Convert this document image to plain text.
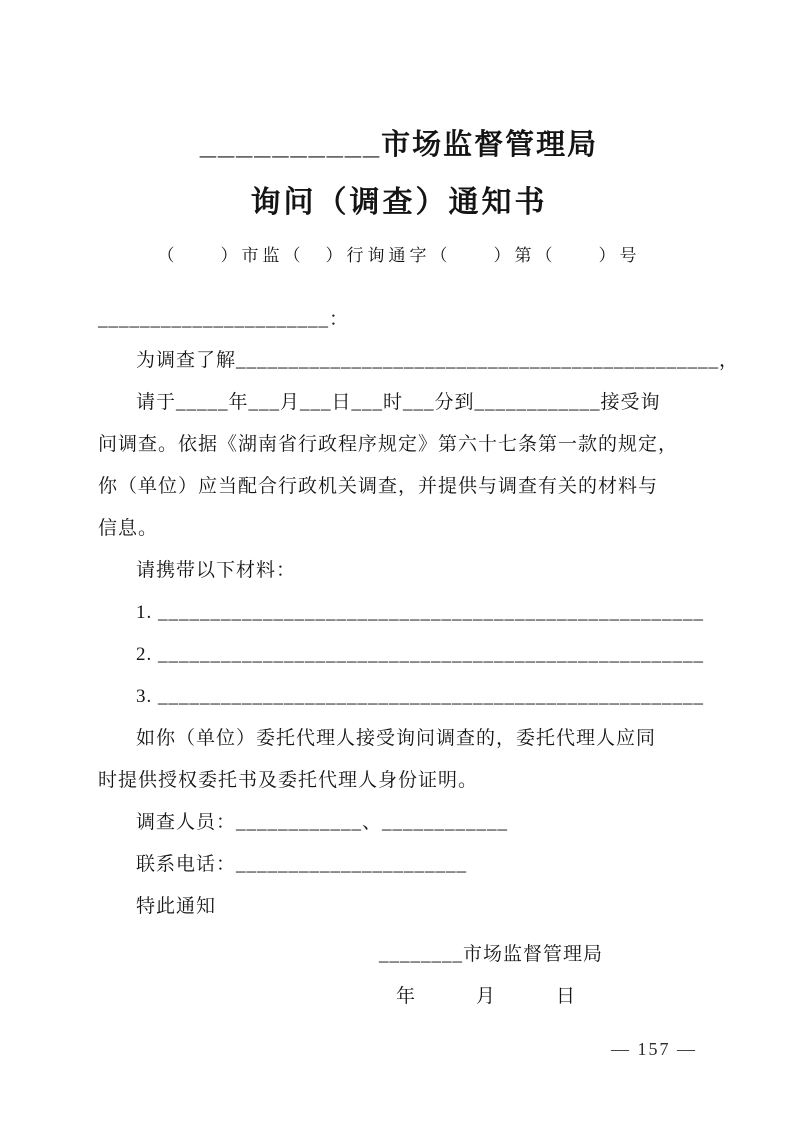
__________市场监督管理局
询问（调查）通知书
（　　）市监（　）行询通字（　　）第（　　）号
______________________：
为调查了解______________________________________________，
请于_____年___月___日___时___分到____________接受询
问调查。依据《湖南省行政程序规定》第六十七条第一款的规定，
你（单位）应当配合行政机关调查，并提供与调查有关的材料与
信息。
请携带以下材料：
1. ____________________________________________________
2. ____________________________________________________
3. ____________________________________________________
如你（单位）委托代理人接受询问调查的，委托代理人应同
时提供授权委托书及委托代理人身份证明。
调查人员：____________、____________
联系电话：______________________
特此通知
________市场监督管理局
年　　　月　　　日
— 157 —
